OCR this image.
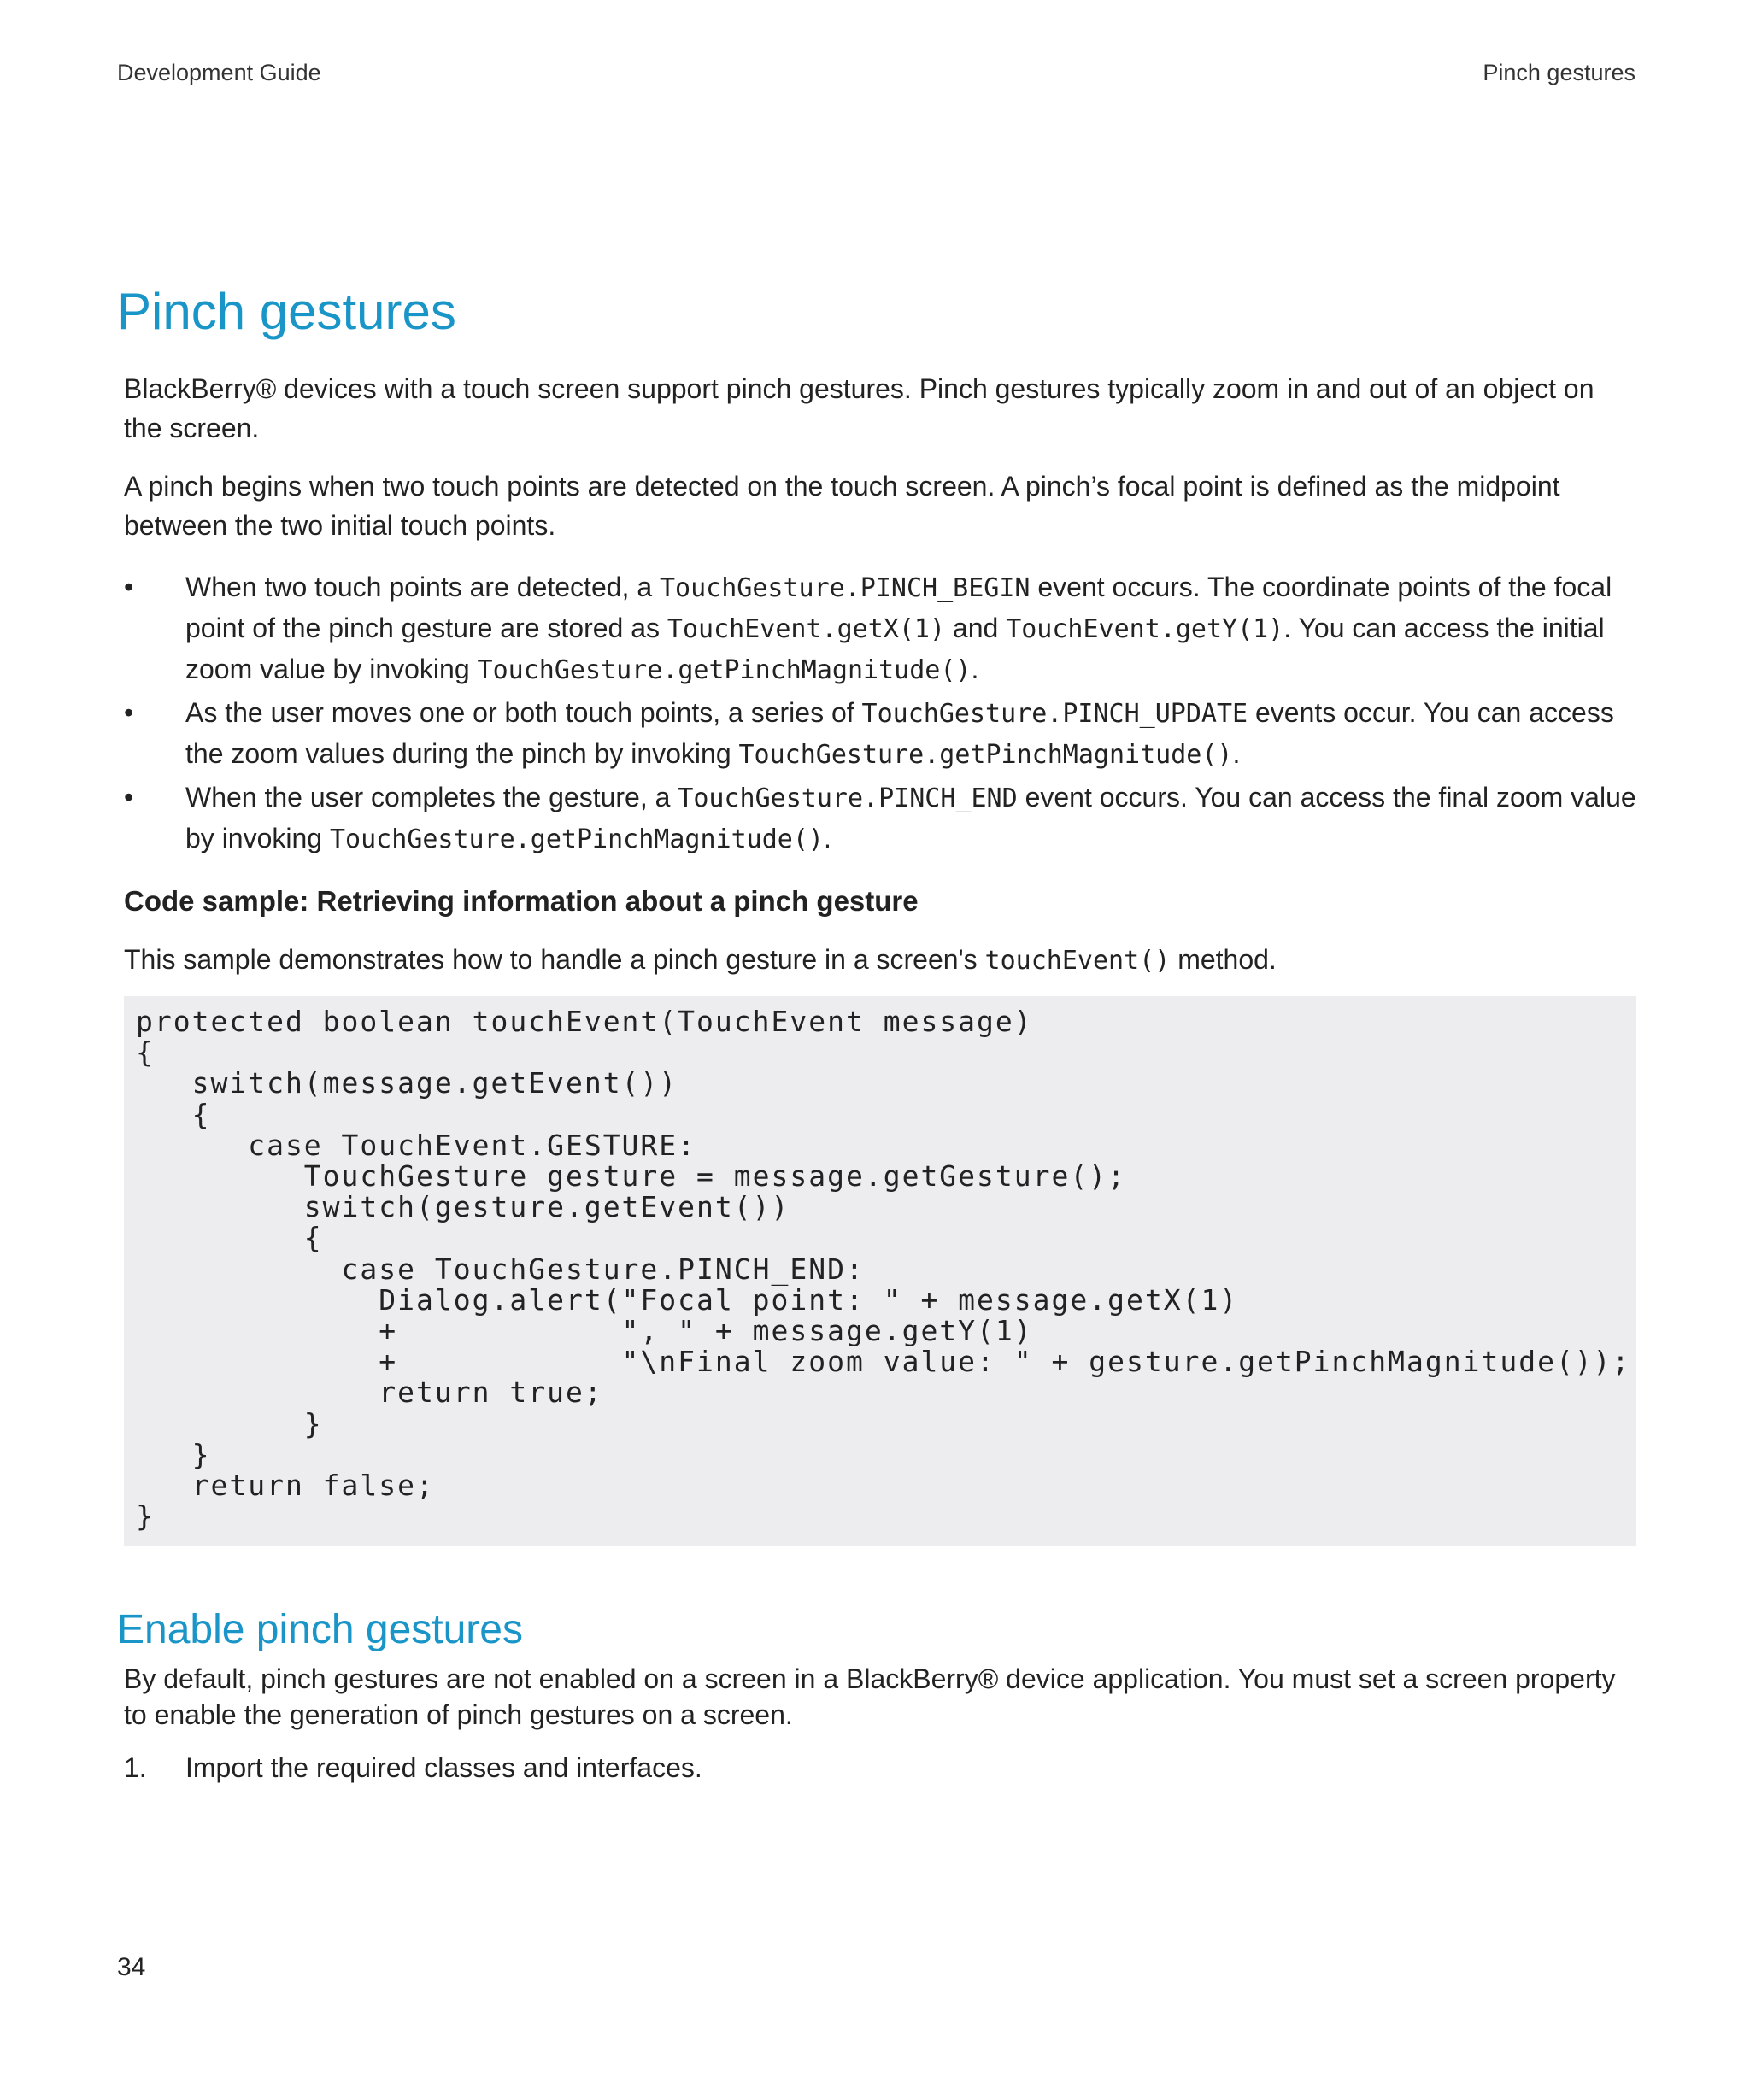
Development Guide	Pinch gestures
Pinch gestures

BlackBerry® devices with a touch screen support pinch gestures. Pinch gestures typically zoom in and out of an object on the screen.

A pinch begins when two touch points are detected on the touch screen. A pinch’s focal point is defined as the midpoint between the two initial touch points.

• When two touch points are detected, a TouchGesture.PINCH_BEGIN event occurs. The coordinate points of the focal point of the pinch gesture are stored as TouchEvent.getX(1) and TouchEvent.getY(1). You can access the initial zoom value by invoking TouchGesture.getPinchMagnitude().
• As the user moves one or both touch points, a series of TouchGesture.PINCH_UPDATE events occur. You can access the zoom values during the pinch by invoking TouchGesture.getPinchMagnitude().
• When the user completes the gesture, a TouchGesture.PINCH_END event occurs. You can access the final zoom value by invoking TouchGesture.getPinchMagnitude().
Code sample: Retrieving information about a pinch gesture

This sample demonstrates how to handle a pinch gesture in a screen's touchEvent() method.

protected boolean touchEvent(TouchEvent message)
{
switch(message.getEvent())
{
case TouchEvent.GESTURE:
TouchGesture gesture = message.getGesture();
switch(gesture.getEvent())
{
case TouchGesture.PINCH_END:
Dialog.alert("Focal point: " + message.getX(1)
+            ", " + message.getY(1)
+            "\nFinal zoom value: " + gesture.getPinchMagnitude());
return true;
}
}
return false;
}
Enable pinch gestures

By default, pinch gestures are not enabled on a screen in a BlackBerry® device application. You must set a screen property to enable the generation of pinch gestures on a screen.

1. Import the required classes and interfaces.
34
